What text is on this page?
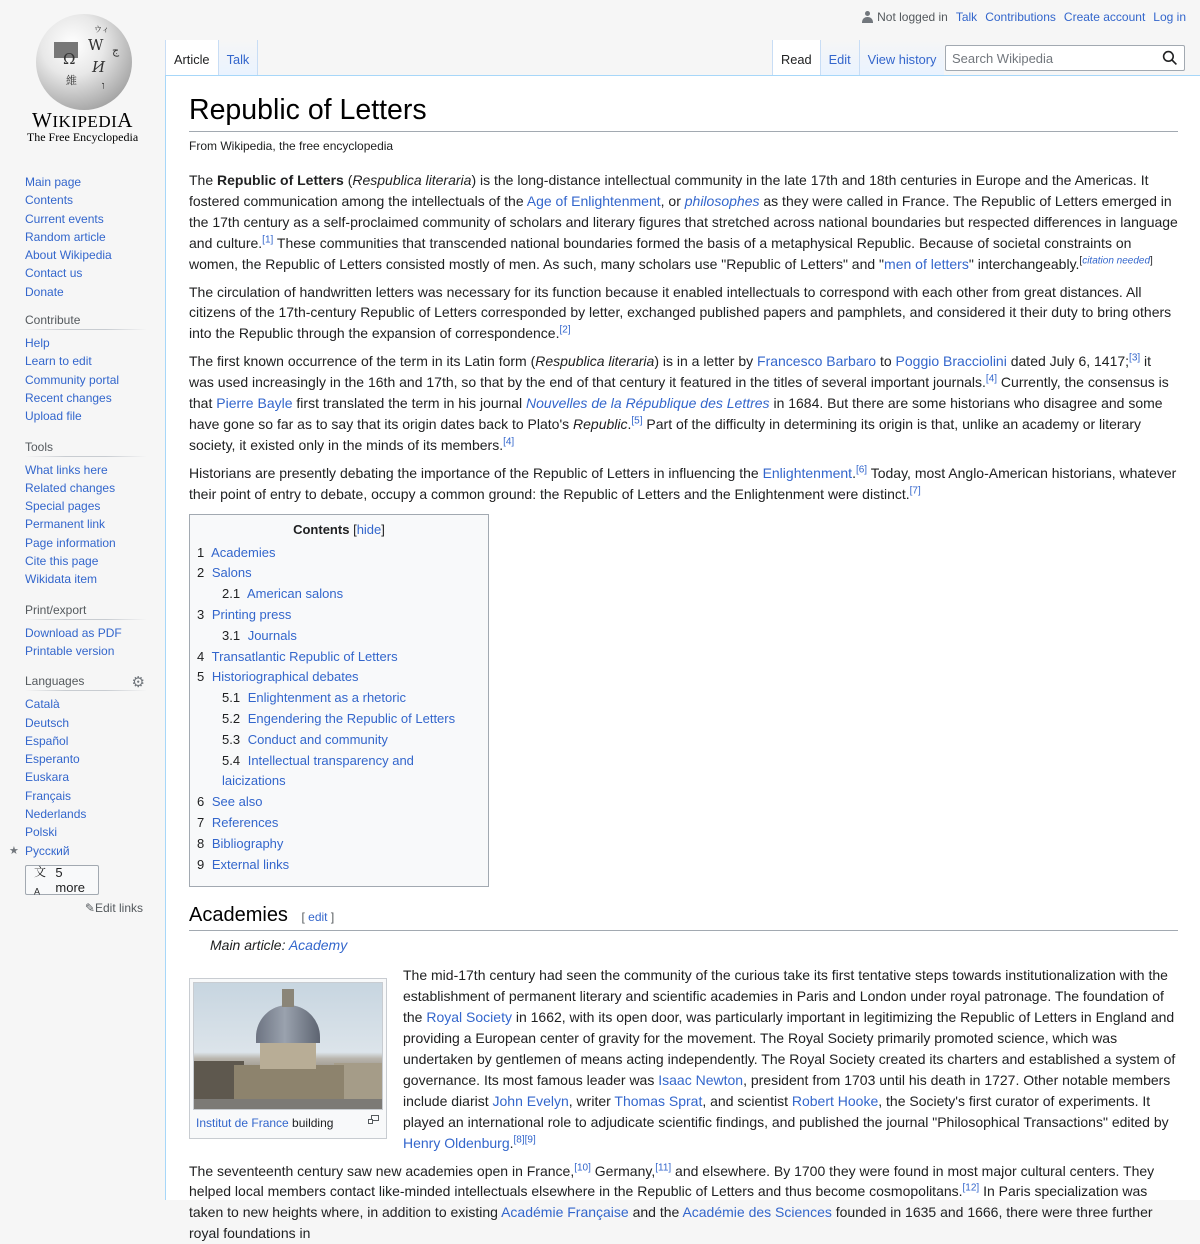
Ω
W
И
維
ウィ
ج
ו
WIKIPEDIA
The Free Encyclopedia
Not logged in Talk Contributions Create account Log in
Article	Talk	Read	Edit	View history
Search Wikipedia
Main page
Contents
Current events
Random article
About Wikipedia
Contact us
Donate
Contribute
Help
Learn to edit
Community portal
Recent changes
Upload file
Tools
What links here
Related changes
Special pages
Permanent link
Page information
Cite this page
Wikidata item
Print/export
Download as PDF
Printable version
Languages	⚙
Català
Deutsch
Español
Esperanto
Euskara
Français
Nederlands
Polski
★ Русский
文$_A$
5 more
✎Edit links
Republic of Letters
From Wikipedia, the free encyclopedia

The Republic of Letters (Respublica literaria) is the long-distance intellectual community in the late 17th and 18th centuries in Europe and the Americas. It fostered communication among the intellectuals of the Age of Enlightenment, or philosophes as they were called in France. The Republic of Letters emerged in the 17th century as a self-proclaimed community of scholars and literary figures that stretched across national boundaries but respected differences in language and culture.[1] These communities that transcended national boundaries formed the basis of a metaphysical Republic. Because of societal constraints on women, the Republic of Letters consisted mostly of men. As such, many scholars use "Republic of Letters" and "men of letters" interchangeably.[citation needed]

The circulation of handwritten letters was necessary for its function because it enabled intellectuals to correspond with each other from great distances. All citizens of the 17th-century Republic of Letters corresponded by letter, exchanged published papers and pamphlets, and considered it their duty to bring others into the Republic through the expansion of correspondence.[2]

The first known occurrence of the term in its Latin form (Respublica literaria) is in a letter by Francesco Barbaro to Poggio Bracciolini dated July 6, 1417;[3] it was used increasingly in the 16th and 17th, so that by the end of that century it featured in the titles of several important journals.[4] Currently, the consensus is that Pierre Bayle first translated the term in his journal Nouvelles de la République des Lettres in 1684. But there are some historians who disagree and some have gone so far as to say that its origin dates back to Plato's Republic.[5] Part of the difficulty in determining its origin is that, unlike an academy or literary society, it existed only in the minds of its members.[4]

Historians are presently debating the importance of the Republic of Letters in influencing the Enlightenment.[6] Today, most Anglo-American historians, whatever their point of entry to debate, occupy a common ground: the Republic of Letters and the Enlightenment were distinct.[7]

Contents [hide]
1 Academies
2 Salons
2.1 American salons
3 Printing press
3.1 Journals
4 Transatlantic Republic of Letters
5 Historiographical debates
5.1 Enlightenment as a rhetoric
5.2 Engendering the Republic of Letters
5.3 Conduct and community
5.4 Intellectual transparency and laicizations
6 See also
7 References
8 Bibliography
9 External links
Academies [ edit ]
Main article: Academy
Institut de France building

The mid-17th century had seen the community of the curious take its first tentative steps towards institutionalization with the establishment of permanent literary and scientific academies in Paris and London under royal patronage. The foundation of the Royal Society in 1662, with its open door, was particularly important in legitimizing the Republic of Letters in England and providing a European center of gravity for the movement. The Royal Society primarily promoted science, which was undertaken by gentlemen of means acting independently. The Royal Society created its charters and established a system of governance. Its most famous leader was Isaac Newton, president from 1703 until his death in 1727. Other notable members include diarist John Evelyn, writer Thomas Sprat, and scientist Robert Hooke, the Society's first curator of experiments. It played an international role to adjudicate scientific findings, and published the journal "Philosophical Transactions" edited by Henry Oldenburg.[8][9]

The seventeenth century saw new academies open in France,[10] Germany,[11] and elsewhere. By 1700 they were found in most major cultural centers. They helped local members contact like-minded intellectuals elsewhere in the Republic of Letters and thus become cosmopolitans.[12] In Paris specialization was taken to new heights where, in addition to existing Académie Française and the Académie des Sciences founded in 1635 and 1666, there were three further royal foundations in
